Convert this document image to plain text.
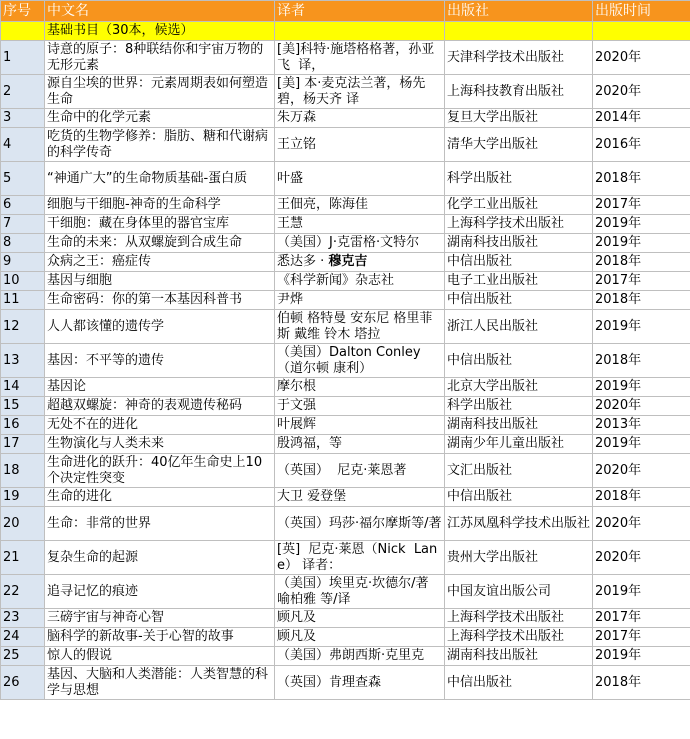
序号	中文名	译者	出版社	出版时间
	基础书目（30本，候选）			
1	诗意的原子：8种联结你和宇宙万物的无形元素	[美]科特·施塔格格著，孙亚飞  译，	天津科学技术出版社	2020年
2	源自尘埃的世界：元素周期表如何塑造生命	[美] 本·麦克法兰著，杨先碧，杨天齐 译	上海科技教育出版社	2020年
3	生命中的化学元素	朱万森	复旦大学出版社	2014年
4	吃货的生物学修养：脂肪、糖和代谢病的科学传奇	王立铭	清华大学出版社	2016年
5	“神通广大”的生命物质基础-蛋白质	叶盛	科学出版社	2018年
6	细胞与干细胞-神奇的生命科学	王佃亮，陈海佳	化学工业出版社	2017年
7	干细胞：藏在身体里的器官宝库	王慧	上海科学技术出版社	2019年
8	生命的未来：从双螺旋到合成生命	（美国）J·克雷格·文特尔	湖南科技出版社	2019年
9	众病之王：癌症传	悉达多 · 穆克吉	中信出版社	2018年
10	基因与细胞	《科学新闻》杂志社	电子工业出版社	2017年
11	生命密码：你的第一本基因科普书	尹烨	中信出版社	2018年
12	人人都该懂的遗传学	伯顿 格特曼 安东尼 格里菲斯 戴维 铃木 塔拉	浙江人民出版社	2019年
13	基因：不平等的遗传	（美国）Dalton Conley（道尔顿 康利）	中信出版社	2018年
14	基因论	摩尔根	北京大学出版社	2019年
15	超越双螺旋：神奇的表观遗传秘码	于文强	科学出版社	2020年
16	无处不在的进化	叶展辉	湖南科技出版社	2013年
17	生物演化与人类未来	殷鸿福，等	湖南少年儿童出版社	2019年
18	生命进化的跃升：40亿年生命史上10个决定性突变	（英国）  尼克·莱恩著	文汇出版社	2020年
19	生命的进化	大卫 爱登堡	中信出版社	2018年
20	生命：非常的世界	（英国）玛莎·福尔摩斯等/著	江苏凤凰科学技术出版社	2020年
21	复杂生命的起源	[英]  尼克·莱恩（Nick  Lane） 译者：	贵州大学出版社	2020年
22	追寻记忆的痕迹	（美国）埃里克·坎德尔/著   喻柏雅 等/译	中国友谊出版公司	2019年
23	三磅宇宙与神奇心智	顾凡及	上海科学技术出版社	2017年
24	脑科学的新故事-关于心智的故事	顾凡及	上海科学技术出版社	2017年
25	惊人的假说	（美国）弗朗西斯·克里克	湖南科技出版社	2019年
26	基因、大脑和人类潜能：人类智慧的科学与思想	（英国）肯理查森	中信出版社	2018年
